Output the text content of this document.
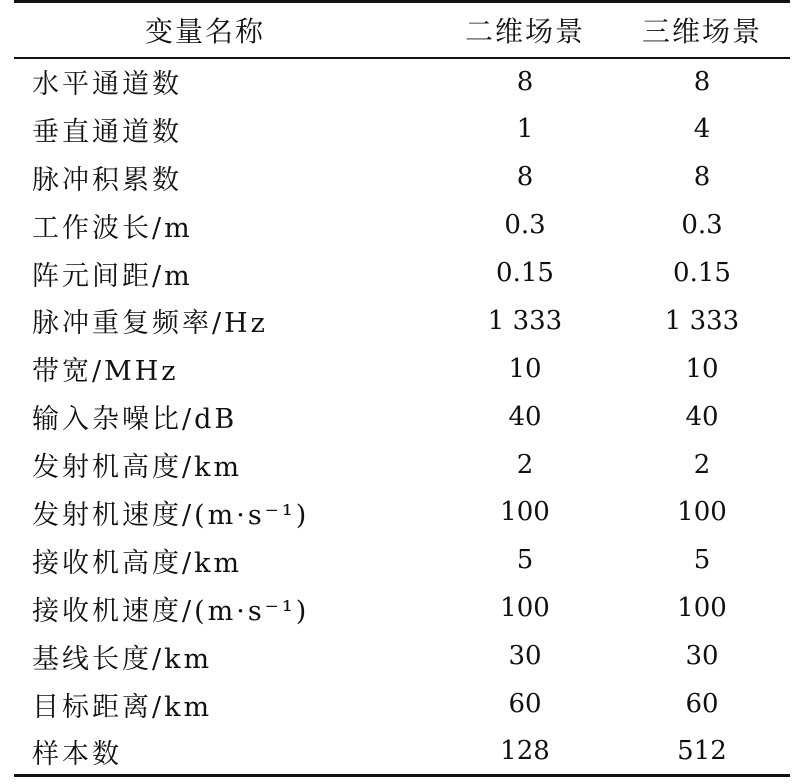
变量名称	二维场景	三维场景
水平通道数	8	8
垂直通道数	1	4
脉冲积累数	8	8
工作波长/m	0.3	0.3
阵元间距/m	0.15	0.15
脉冲重复频率/Hz	1 333	1 333
带宽/MHz	10	10
输入杂噪比/dB	40	40
发射机高度/km	2	2
发射机速度/(m·s⁻¹)	100	100
接收机高度/km	5	5
接收机速度/(m·s⁻¹)	100	100
基线长度/km	30	30
目标距离/km	60	60
样本数	128	512
